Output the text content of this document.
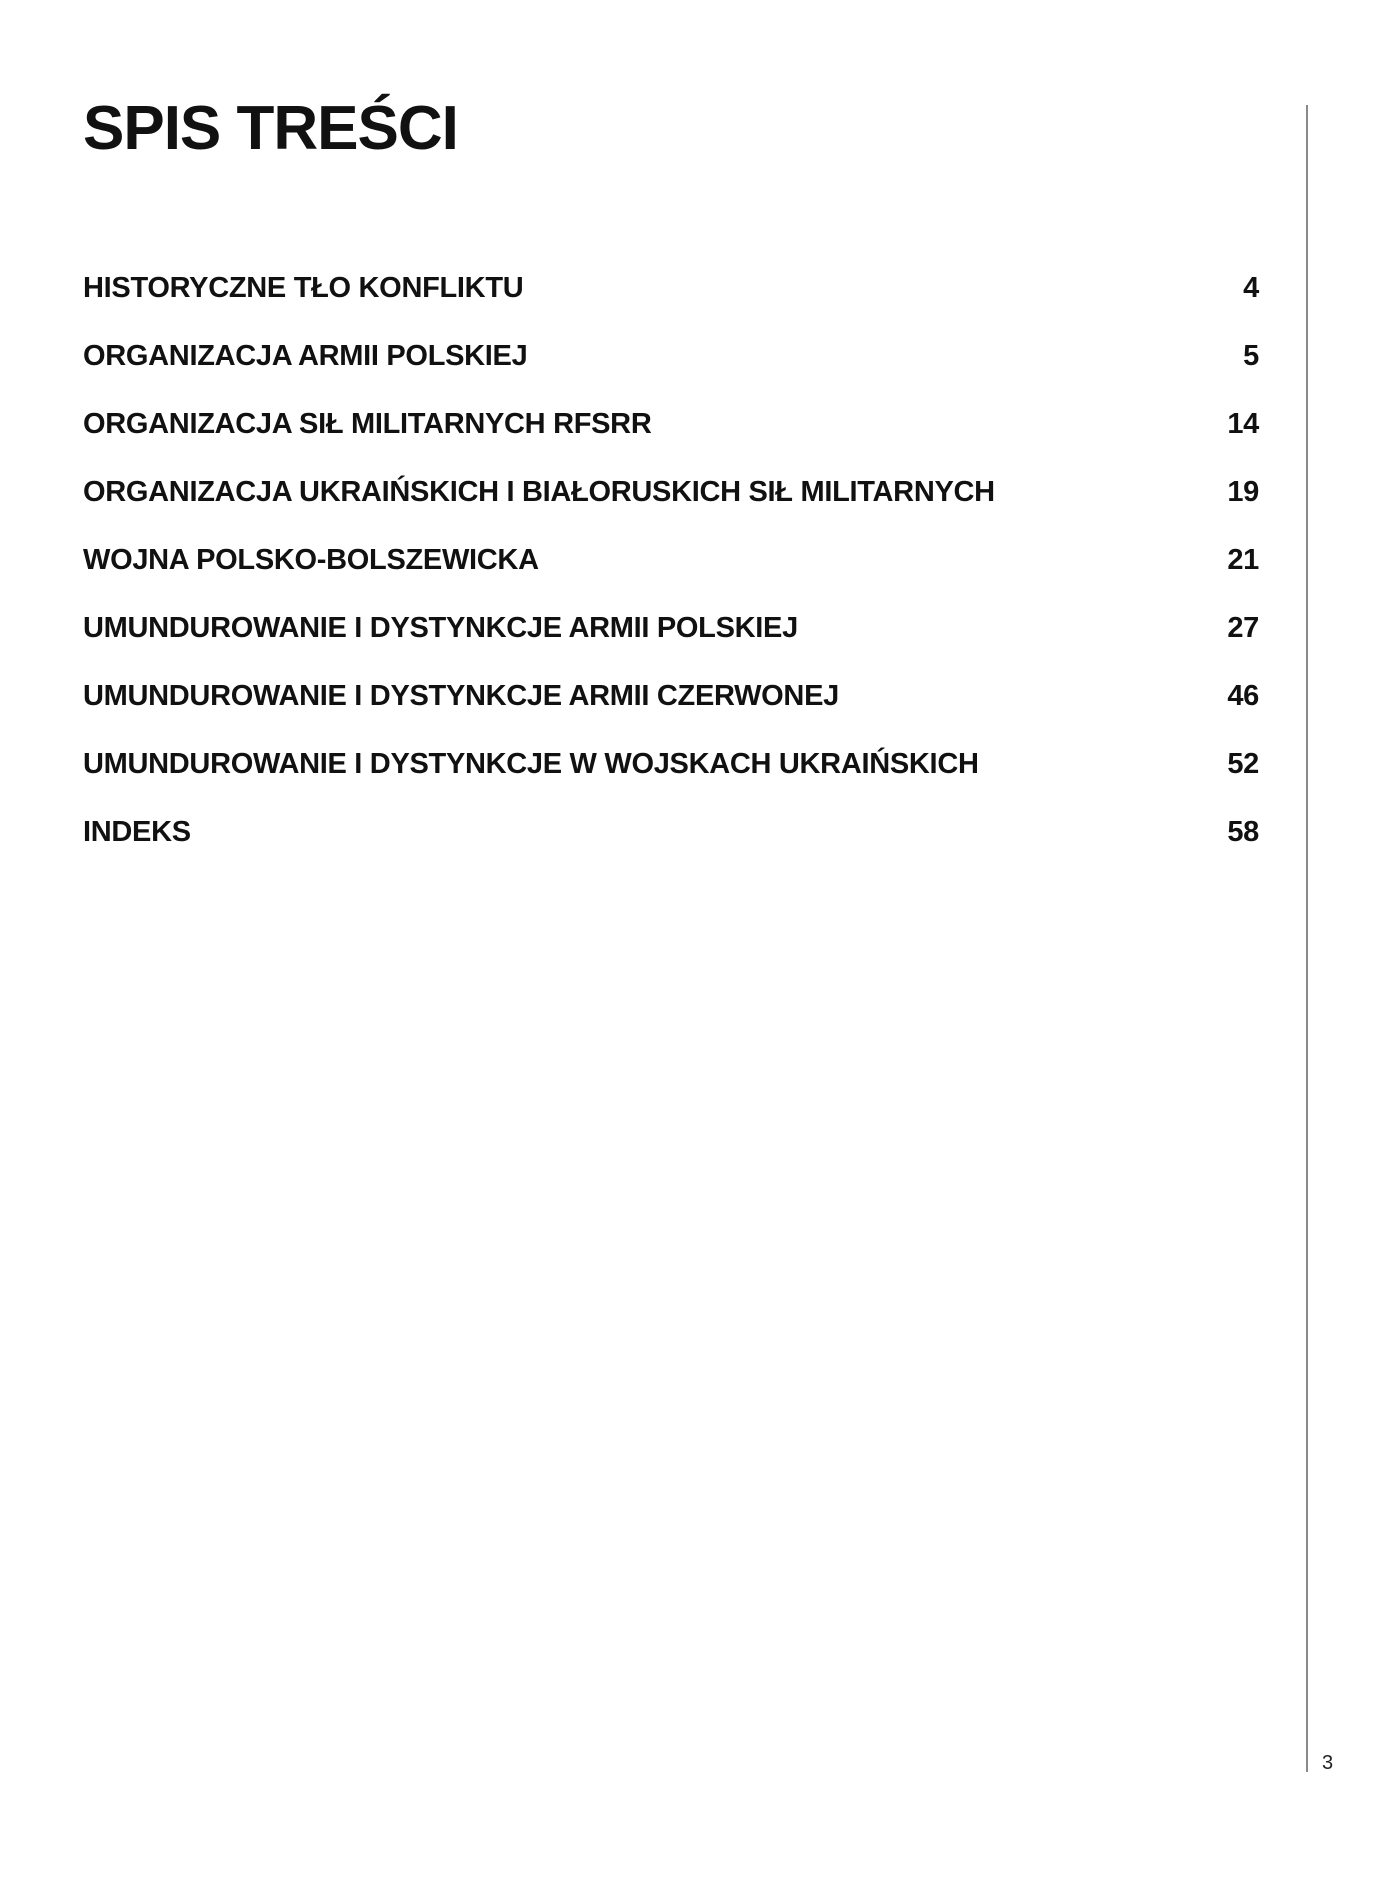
SPIS TREŚCI
HISTORYCZNE TŁO KONFLIKTU	4
ORGANIZACJA ARMII POLSKIEJ	5
ORGANIZACJA SIŁ MILITARNYCH RFSRR	14
ORGANIZACJA UKRAIŃSKICH I BIAŁORUSKICH SIŁ MILITARNYCH	19
WOJNA POLSKO-BOLSZEWICKA	21
UMUNDUROWANIE I DYSTYNKCJE ARMII POLSKIEJ	27
UMUNDUROWANIE I DYSTYNKCJE ARMII CZERWONEJ	46
UMUNDUROWANIE I DYSTYNKCJE W WOJSKACH UKRAIŃSKICH	52
INDEKS	58
3
